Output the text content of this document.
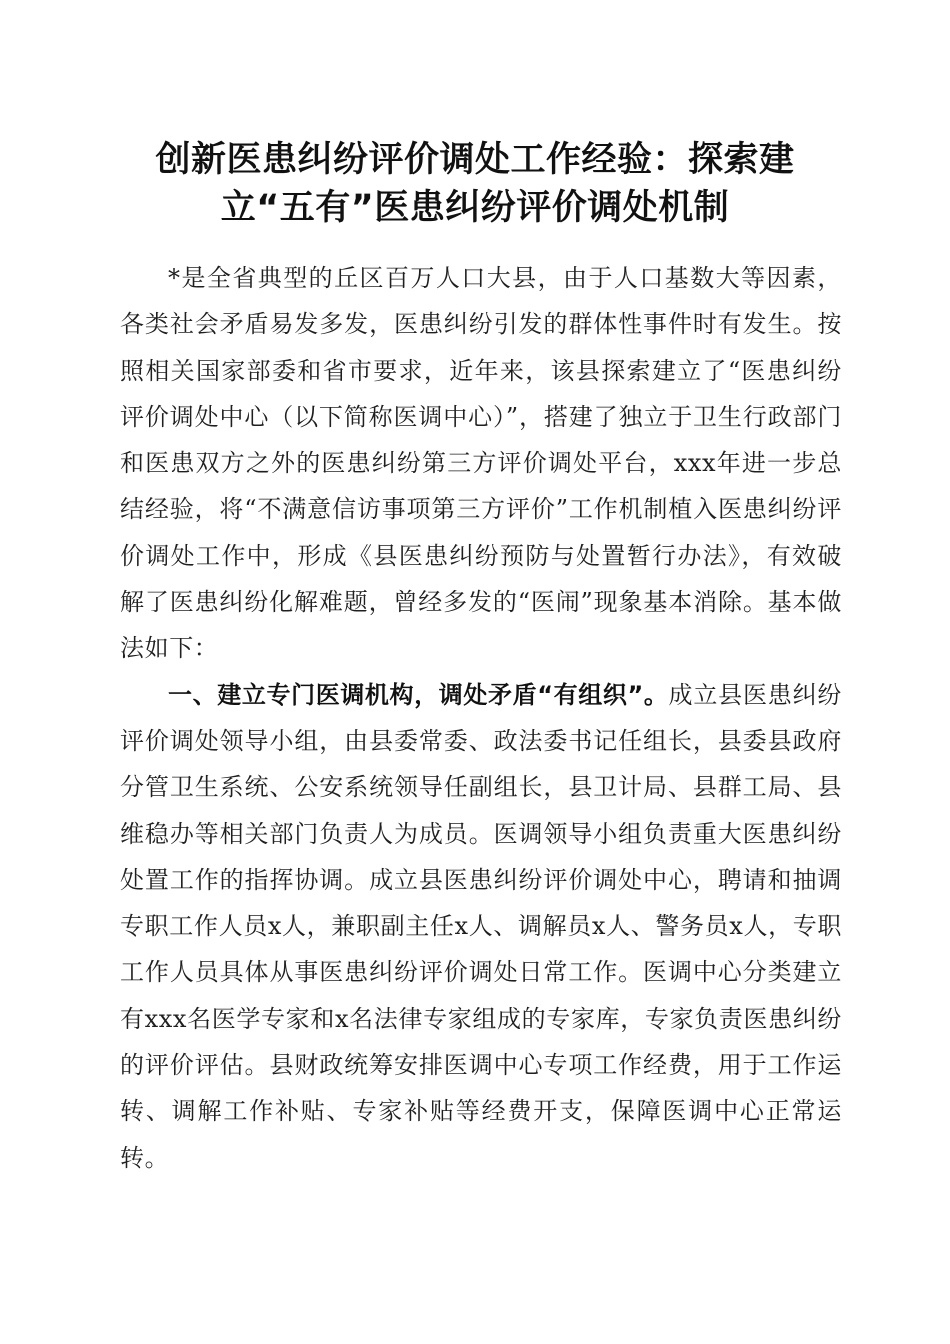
创新医患纠纷评价调处工作经验：探索建
立“五有”医患纠纷评价调处机制

*是全省典型的丘区百万人口大县，由于人口基数大等因素，各类社会矛盾易发多发，医患纠纷引发的群体性事件时有发生。按照相关国家部委和省市要求，近年来，该县探索建立了“医患纠纷评价调处中心（以下简称医调中心）”，搭建了独立于卫生行政部门和医患双方之外的医患纠纷第三方评价调处平台，xxx年进一步总结经验，将“不满意信访事项第三方评价”工作机制植入医患纠纷评价调处工作中，形成《县医患纠纷预防与处置暂行办法》，有效破解了医患纠纷化解难题，曾经多发的“医闹”现象基本消除。基本做法如下：

一、建立专门医调机构，调处矛盾“有组织”。成立县医患纠纷评价调处领导小组，由县委常委、政法委书记任组长，县委县政府分管卫生系统、公安系统领导任副组长，县卫计局、县群工局、县维稳办等相关部门负责人为成员。医调领导小组负责重大医患纠纷处置工作的指挥协调。成立县医患纠纷评价调处中心，聘请和抽调专职工作人员x人，兼职副主任x人、调解员x人、警务员x人，专职工作人员具体从事医患纠纷评价调处日常工作。医调中心分类建立有xxx名医学专家和x名法律专家组成的专家库，专家负责医患纠纷的评价评估。县财政统筹安排医调中心专项工作经费，用于工作运转、调解工作补贴、专家补贴等经费开支，保障医调中心正常运转。
